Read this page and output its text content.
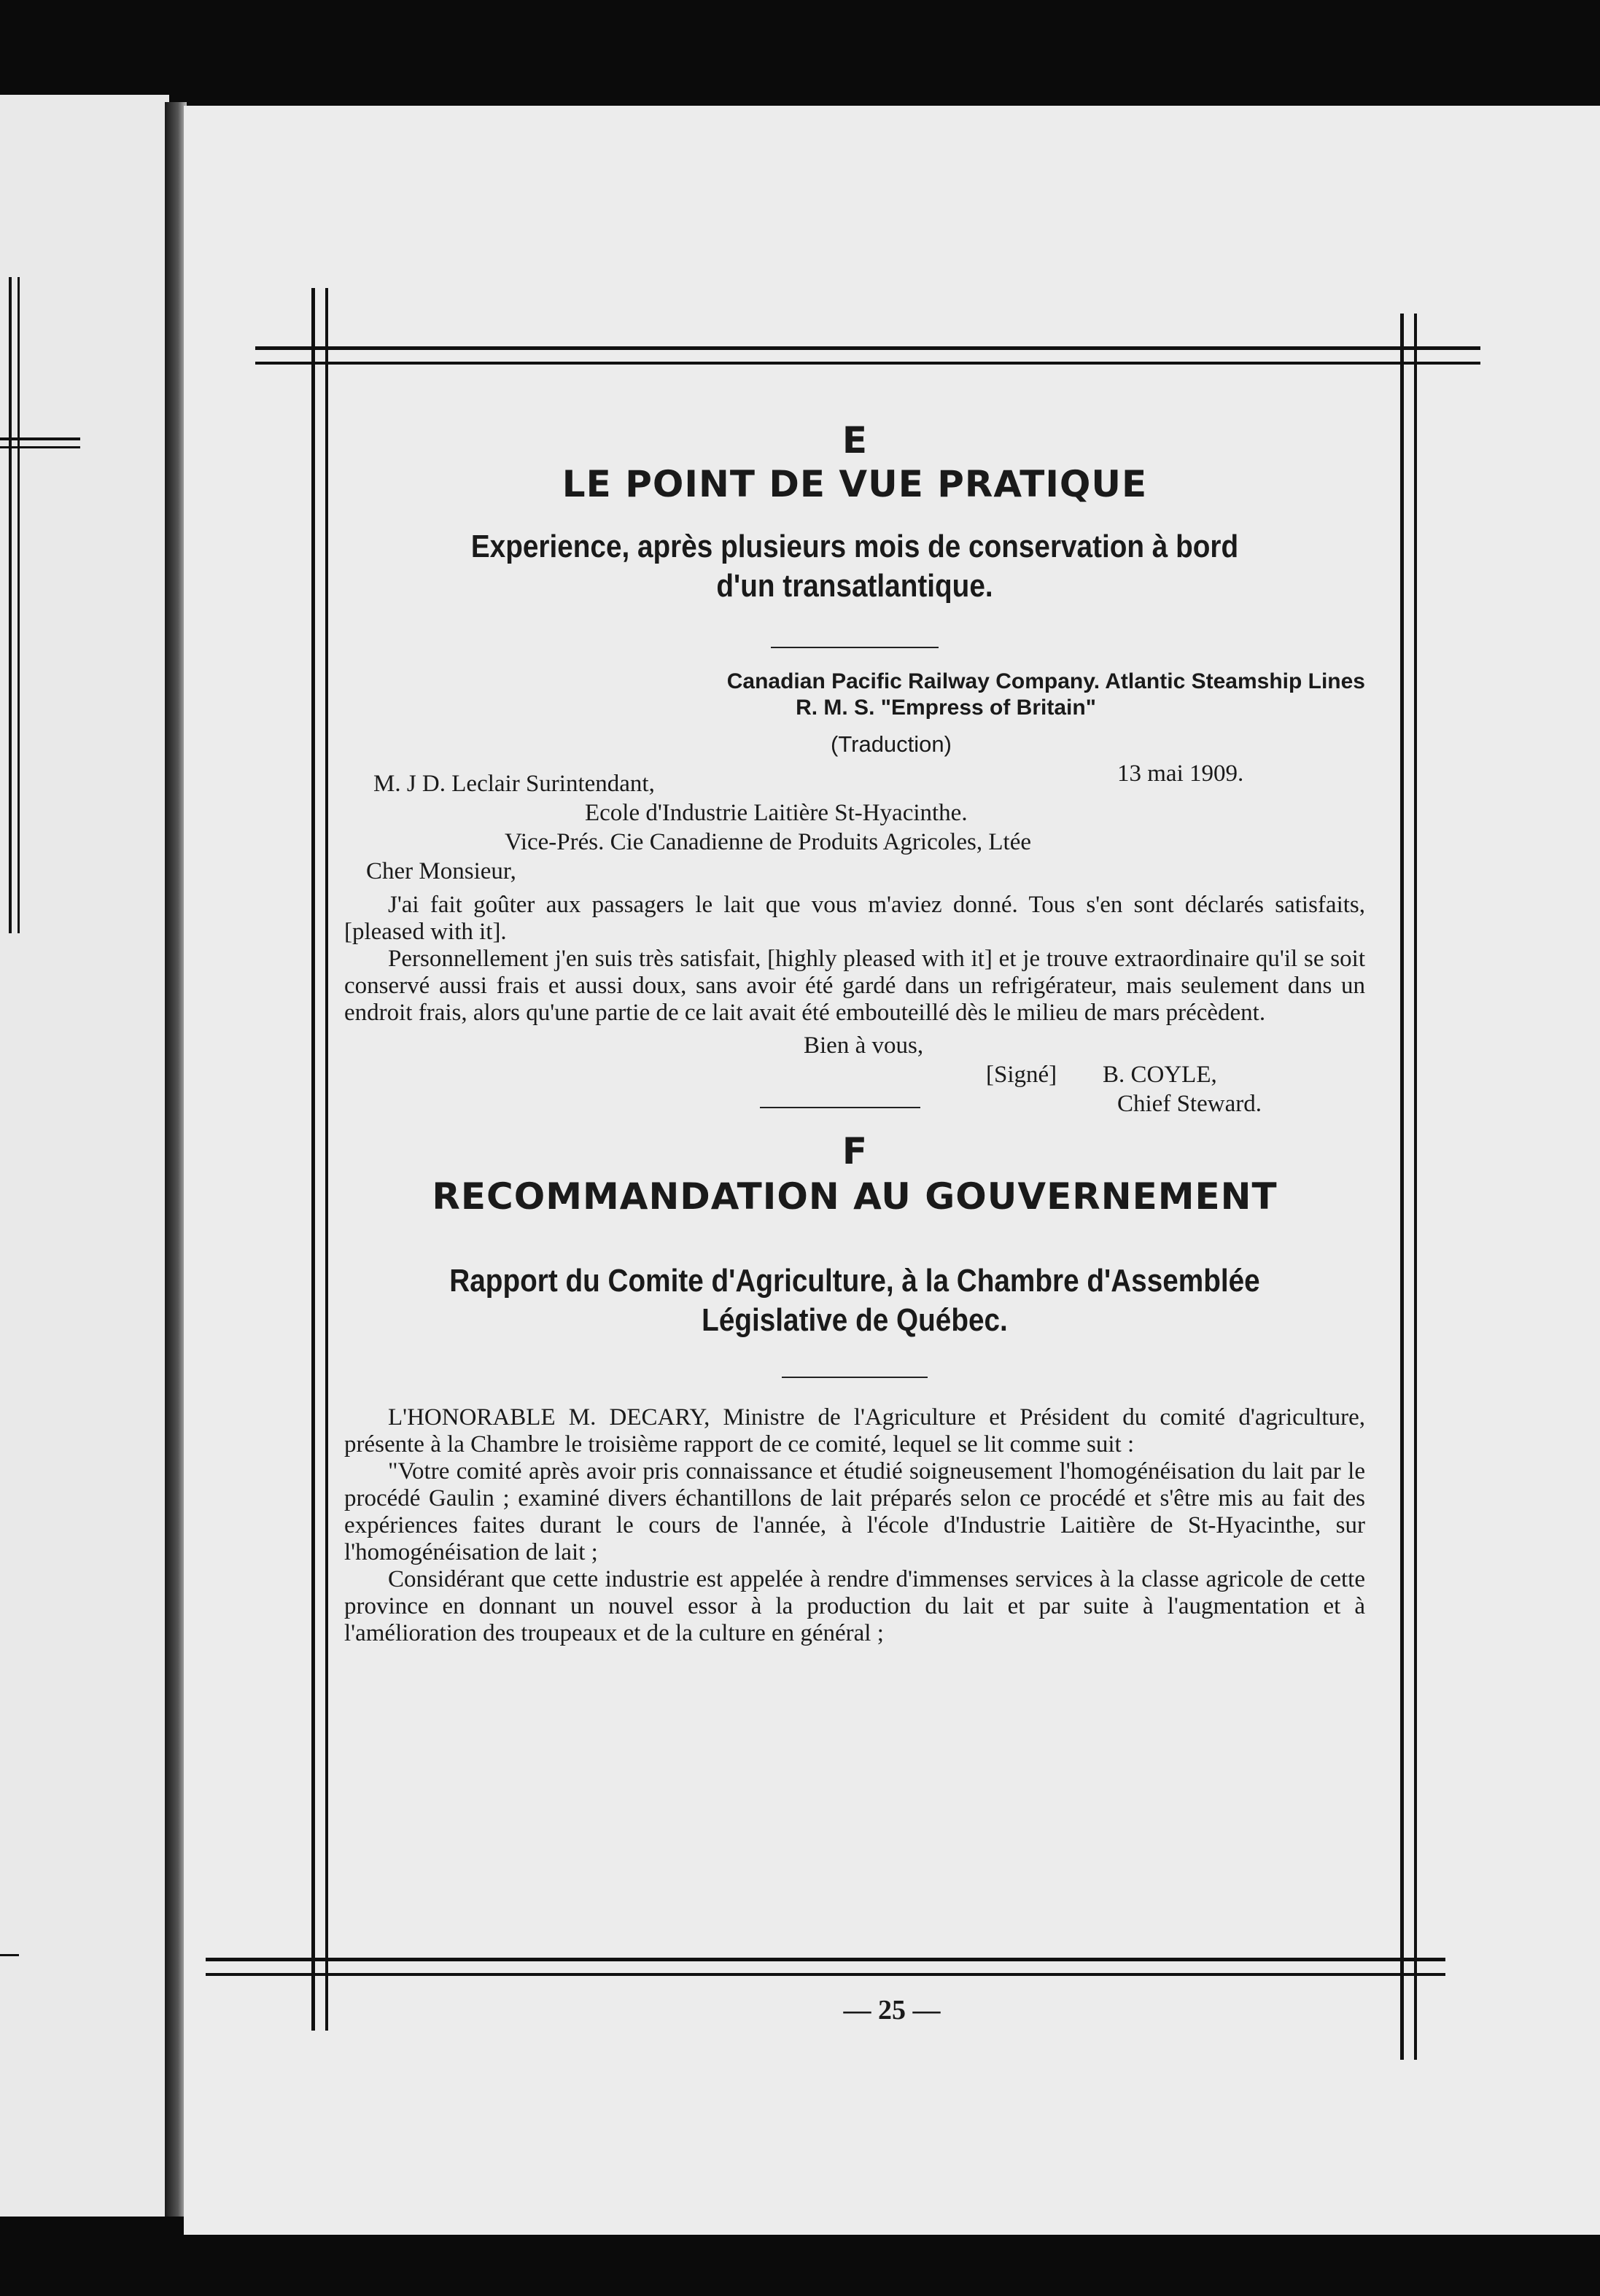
E

LE POINT DE VUE PRATIQUE

Experience, après plusieurs mois de conservation à bord

d'un transatlantique.

Canadian Pacific Railway Company. Atlantic Steamship Lines
R. M. S. "Empress of Britain"
(Traduction)
M. J D. Leclair Surintendant,	13 mai 1909.
Ecole d'Industrie Laitière St-Hyacinthe.
Vice-Prés. Cie Canadienne de Produits Agricoles, Ltée
Cher Monsieur,

J'ai fait goûter aux passagers le lait que vous m'aviez donné. Tous s'en sont déclarés satisfaits, [pleased with it].

Personnellement j'en suis très satisfait, [highly pleased with it] et je trouve extraordinaire qu'il se soit conservé aussi frais et aussi doux, sans avoir été gardé dans un refrigérateur, mais seulement dans un endroit frais, alors qu'une partie de ce lait avait été embouteillé dès le milieu de mars précèdent.

Bien à vous,
[Signé] B. COYLE,
Chief Steward.

F

RECOMMANDATION AU GOUVERNEMENT

Rapport du Comite d'Agriculture, à la Chambre d'Assemblée

Législative de Québec.

L'HONORABLE M. DECARY, Ministre de l'Agriculture et Président du comité d'agriculture, présente à la Chambre le troisième rapport de ce comité, lequel se lit comme suit :

"Votre comité après avoir pris connaissance et étudié soigneusement l'homogénéisation du lait par le procédé Gaulin ; examiné divers échantillons de lait préparés selon ce procédé et s'être mis au fait des expériences faites durant le cours de l'année, à l'école d'Industrie Laitière de St-Hyacinthe, sur l'homogénéisation de lait ;

Considérant que cette industrie est appelée à rendre d'immenses services à la classe agricole de cette province en donnant un nouvel essor à la production du lait et par suite à l'augmentation et à l'amélioration des troupeaux et de la culture en général ;

— 25 —
